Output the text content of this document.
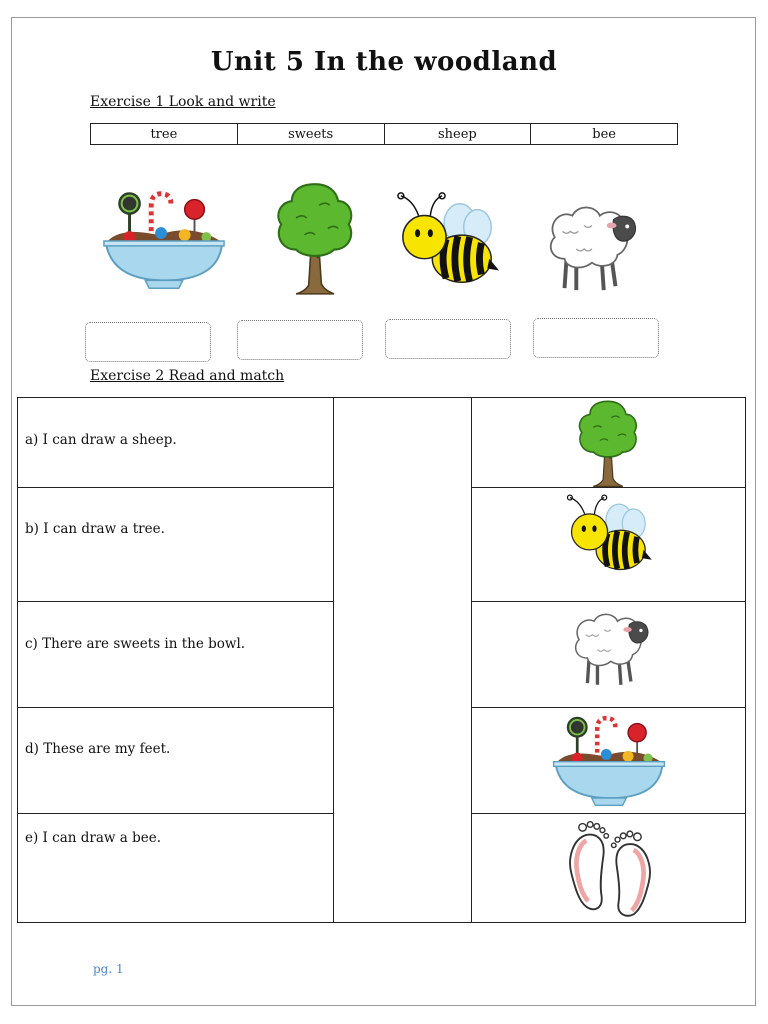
Unit 5 In the woodland
Exercise 1 Look and write
tree	sweets	sheep	bee
Exercise 2 Read and match
a) I can draw a sheep.
b) I can draw a tree.
c) There are sweets in the bowl.
d) These are my feet.
e) I can draw a bee.
pg. 1
